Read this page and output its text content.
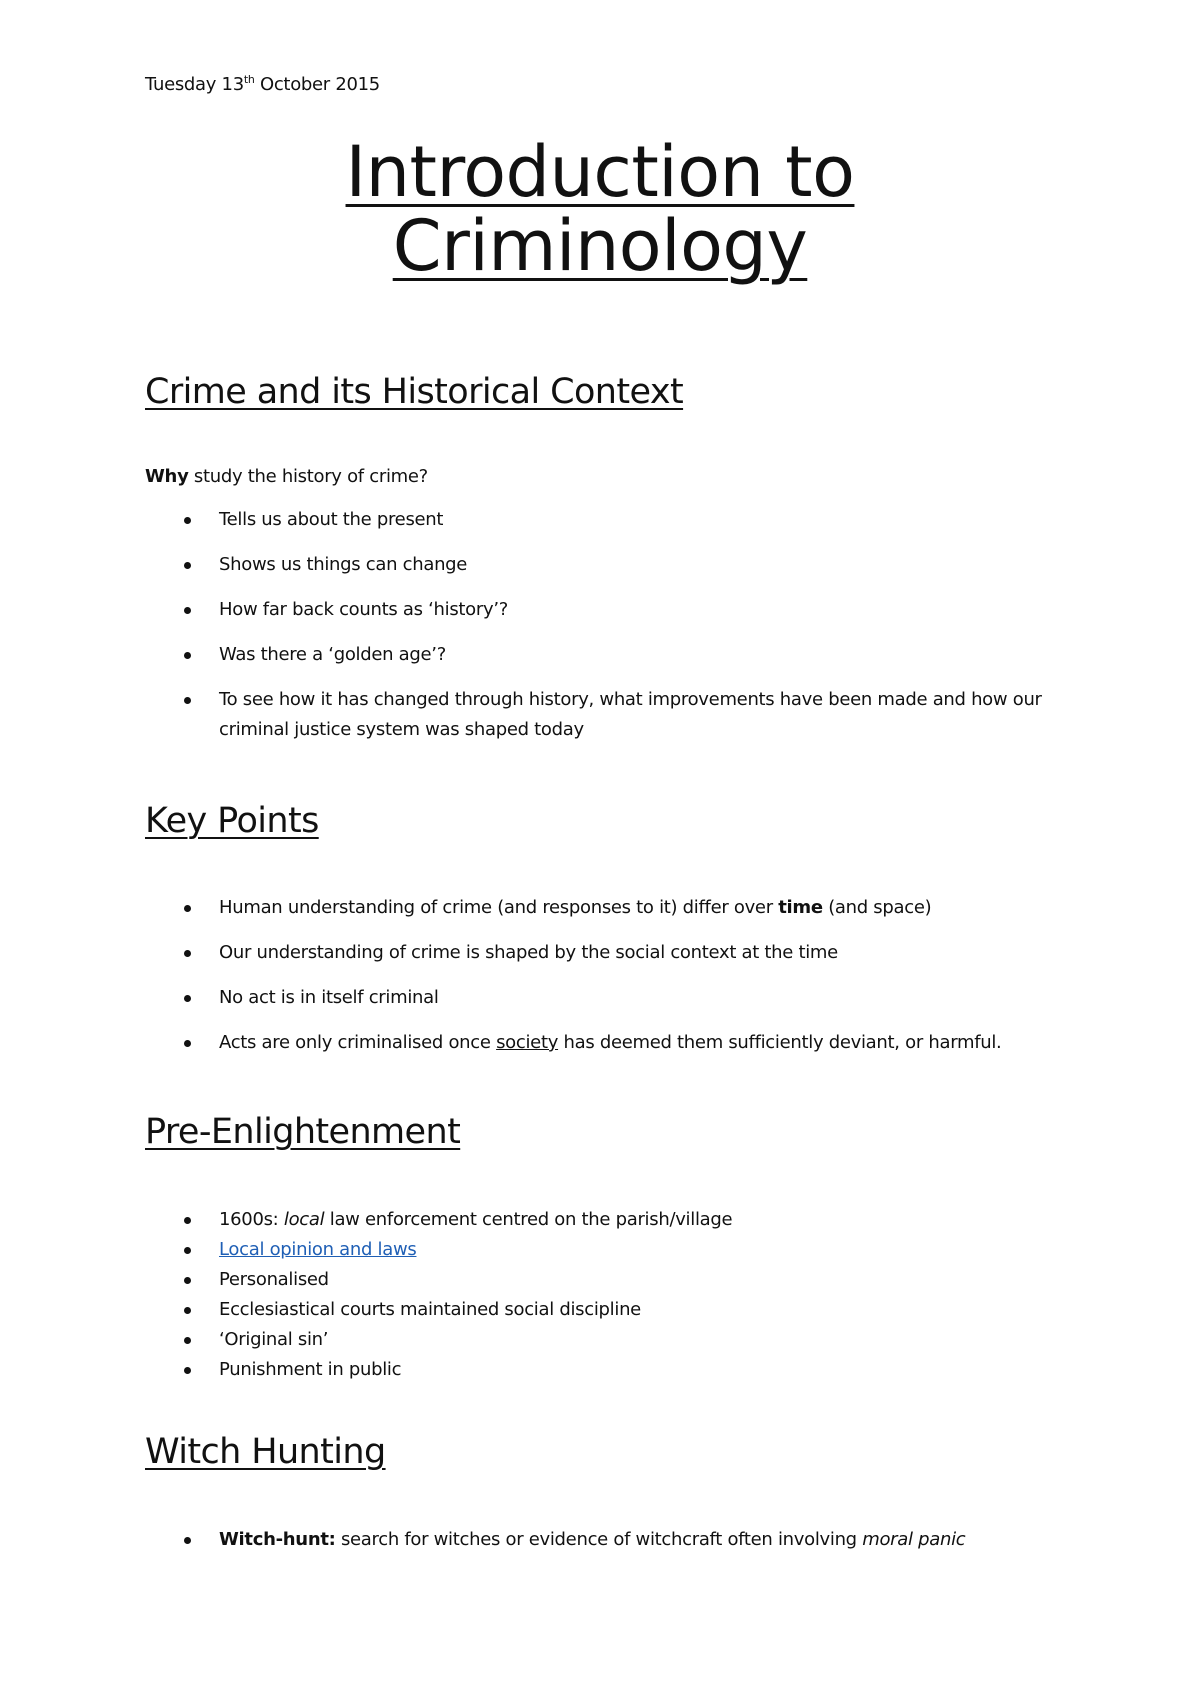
Tuesday 13th October 2015
Introduction to
Criminology
Crime and its Historical Context
Why study the history of crime?
Tells us about the present
Shows us things can change
How far back counts as ‘history’?
Was there a ‘golden age’?
To see how it has changed through history, what improvements have been made and how our criminal justice system was shaped today
Key Points
Human understanding of crime (and responses to it) differ over time (and space)
Our understanding of crime is shaped by the social context at the time
No act is in itself criminal
Acts are only criminalised once society has deemed them sufficiently deviant, or harmful.
Pre-Enlightenment
1600s: local law enforcement centred on the parish/village
Local opinion and laws
Personalised
Ecclesiastical courts maintained social discipline
‘Original sin’
Punishment in public
Witch Hunting
Witch-hunt: search for witches or evidence of witchcraft often involving moral panic
